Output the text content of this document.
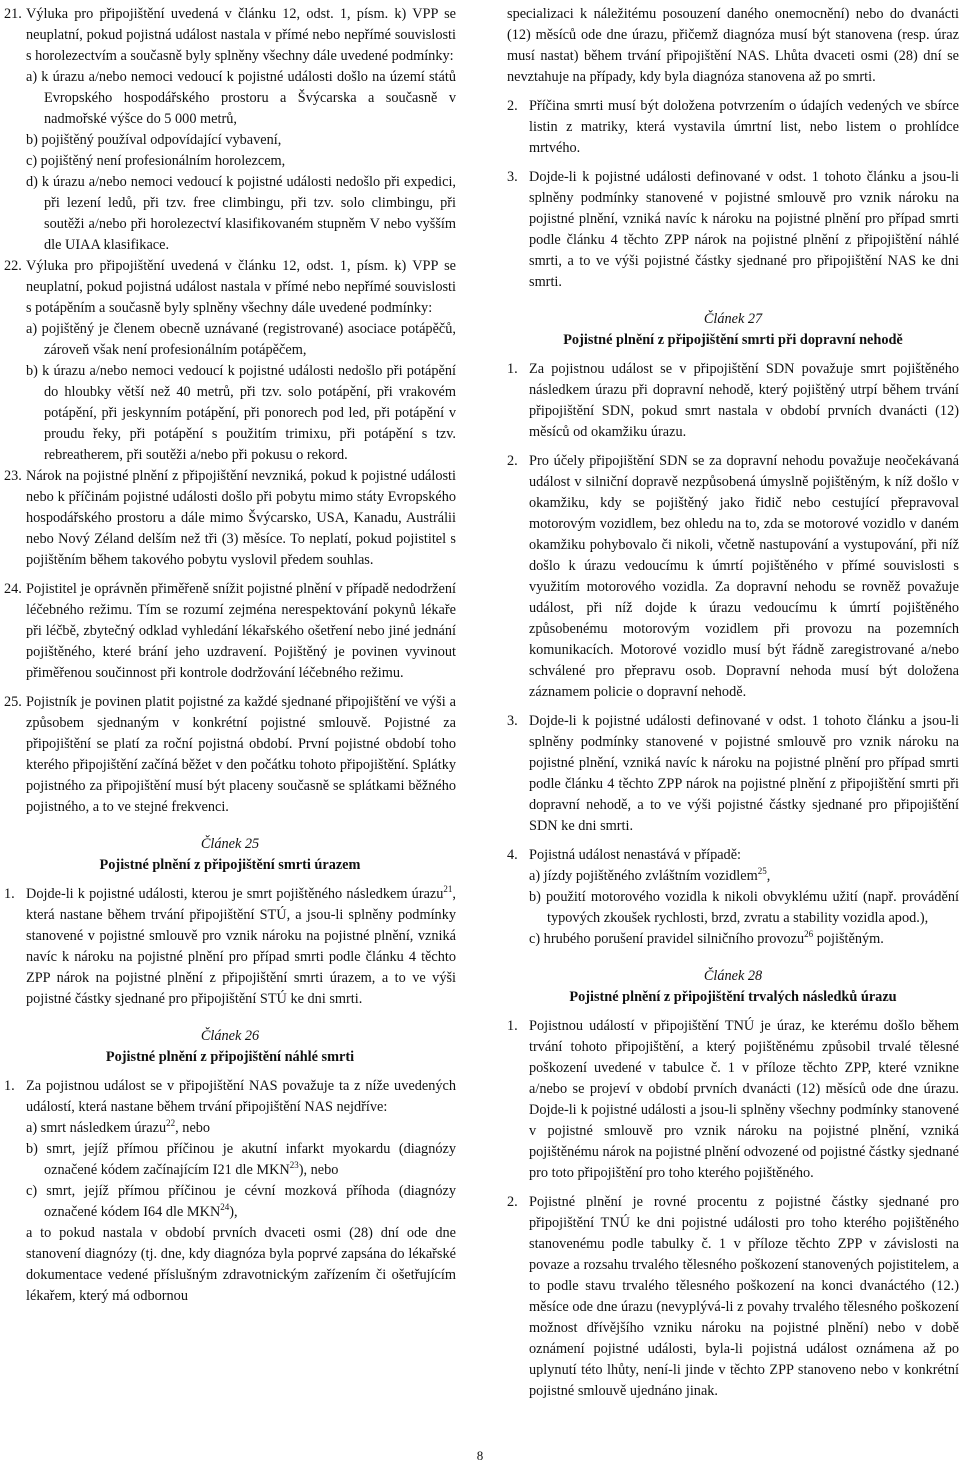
21. Výluka pro připojištění uvedená v článku 12, odst. 1, písm. k) VPP se neuplatní, pokud pojistná událost nastala v přímé nebo nepřímé souvislosti s horolezectvím a současně byly splněny všechny dále uvedené podmínky:

a) k úrazu a/nebo nemoci vedoucí k pojistné události došlo na území států Evropského hospodářského prostoru a Švýcarska a současně v nadmořské výšce do 5 000 metrů,

b) pojištěný používal odpovídající vybavení,

c) pojištěný není profesionálním horolezcem,

d) k úrazu a/nebo nemoci vedoucí k pojistné události nedošlo při expedici, při lezení ledů, při tzv. free climbingu, při tzv. solo climbingu, při soutěži a/nebo při horolezectví klasifikovaném stupněm V nebo vyšším dle UIAA klasifikace.

22. Výluka pro připojištění uvedená v článku 12, odst. 1, písm. k) VPP se neuplatní, pokud pojistná událost nastala v přímé nebo nepřímé souvislosti s potápěním a současně byly splněny všechny dále uvedené podmínky:

a) pojištěný je členem obecně uznávané (registrované) asociace potápěčů, zároveň však není profesionálním potápěčem,

b) k úrazu a/nebo nemoci vedoucí k pojistné události nedošlo při potápění do hloubky větší než 40 metrů, při tzv. solo potápění, při vrakovém potápění, při jeskynním potápění, při ponorech pod led, při potápění v proudu řeky, při potápění s použitím trimixu, při potápění s tzv. rebreatherem, při soutěži a/nebo při pokusu o rekord.

23. Nárok na pojistné plnění z připojištění nevzniká, pokud k pojistné události nebo k příčinám pojistné události došlo při pobytu mimo státy Evropského hospodářského prostoru a dále mimo Švýcarsko, USA, Kanadu, Austrálii nebo Nový Zéland delším než tři (3) měsíce. To neplatí, pokud pojistitel s pojištěním během takového pobytu vyslovil předem souhlas.

24. Pojistitel je oprávněn přiměřeně snížit pojistné plnění v případě nedodržení léčebného režimu. Tím se rozumí zejména nerespektování pokynů lékaře při léčbě, zbytečný odklad vyhledání lékařského ošetření nebo jiné jednání pojištěného, které brání jeho uzdravení. Pojištěný je povinen vyvinout přiměřenou součinnost při kontrole dodržování léčebného režimu.

25. Pojistník je povinen platit pojistné za každé sjednané připojištění ve výši a způsobem sjednaným v konkrétní pojistné smlouvě. Pojistné za připojištění se platí za roční pojistná období. První pojistné období toho kterého připojištění začíná běžet v den počátku tohoto připojištění. Splátky pojistného za připojištění musí být placeny současně se splátkami běžného pojistného, a to ve stejné frekvenci.

Článek 25

Pojistné plnění z připojištění smrti úrazem

1. Dojde-li k pojistné události, kterou je smrt pojištěného následkem úrazu$^{21}$, která nastane během trvání připojištění STÚ, a jsou-li splněny podmínky stanovené v pojistné smlouvě pro vznik nároku na pojistné plnění, vzniká navíc k nároku na pojistné plnění pro případ smrti podle článku 4 těchto ZPP nárok na pojistné plnění z připojištění smrti úrazem, a to ve výši pojistné částky sjednané pro připojištění STÚ ke dni smrti.

Článek 26

Pojistné plnění z připojištění náhlé smrti

1. Za pojistnou událost se v připojištění NAS považuje ta z níže uvedených událostí, která nastane během trvání připojištění NAS nejdříve:

a) smrt následkem úrazu$^{22}$, nebo

b) smrt, jejíž přímou příčinou je akutní infarkt myokardu (diagnózy označené kódem začínajícím I21 dle MKN$^{23}$), nebo

c) smrt, jejíž přímou příčinou je cévní mozková příhoda (diagnózy označené kódem I64 dle MKN$^{24}$),

a to pokud nastala v období prvních dvaceti osmi (28) dní ode dne stanovení diagnózy (tj. dne, kdy diagnóza byla poprvé zapsána do lékařské dokumentace vedené příslušným zdravotnickým zařízením či ošetřujícím lékařem, který má odbornou

specializaci k náležitému posouzení daného onemocnění) nebo do dvanácti (12) měsíců ode dne úrazu, přičemž diagnóza musí být stanovena (resp. úraz musí nastat) během trvání připojištění NAS. Lhůta dvaceti osmi (28) dní se nevztahuje na případy, kdy byla diagnóza stanovena až po smrti.

2. Příčina smrti musí být doložena potvrzením o údajích vedených ve sbírce listin z matriky, která vystavila úmrtní list, nebo listem o prohlídce mrtvého.

3. Dojde-li k pojistné události definované v odst. 1 tohoto článku a jsou-li splněny podmínky stanovené v pojistné smlouvě pro vznik nároku na pojistné plnění, vzniká navíc k nároku na pojistné plnění pro případ smrti podle článku 4 těchto ZPP nárok na pojistné plnění z připojištění náhlé smrti, a to ve výši pojistné částky sjednané pro připojištění NAS ke dni smrti.

Článek 27

Pojistné plnění z připojištění smrti při dopravní nehodě

1. Za pojistnou událost se v připojištění SDN považuje smrt pojištěného následkem úrazu při dopravní nehodě, který pojištěný utrpí během trvání připojištění SDN, pokud smrt nastala v období prvních dvanácti (12) měsíců od okamžiku úrazu.

2. Pro účely připojištění SDN se za dopravní nehodu považuje neočekávaná událost v silniční dopravě nezpůsobená úmyslně pojištěným, k níž došlo v okamžiku, kdy se pojištěný jako řidič nebo cestující přepravoval motorovým vozidlem, bez ohledu na to, zda se motorové vozidlo v daném okamžiku pohybovalo či nikoli, včetně nastupování a vystupování, při níž došlo k úrazu vedoucímu k úmrtí pojištěného v přímé souvislosti s využitím motorového vozidla. Za dopravní nehodu se rovněž považuje událost, při níž dojde k úrazu vedoucímu k úmrtí pojištěného způsobenému motorovým vozidlem při provozu na pozemních komunikacích. Motorové vozidlo musí být řádně zaregistrované a/nebo schválené pro přepravu osob. Dopravní nehoda musí být doložena záznamem policie o dopravní nehodě.

3. Dojde-li k pojistné události definované v odst. 1 tohoto článku a jsou-li splněny podmínky stanovené v pojistné smlouvě pro vznik nároku na pojistné plnění, vzniká navíc k nároku na pojistné plnění pro případ smrti podle článku 4 těchto ZPP nárok na pojistné plnění z připojištění smrti při dopravní nehodě, a to ve výši pojistné částky sjednané pro připojištění SDN ke dni smrti.

4. Pojistná událost nenastává v případě:

a) jízdy pojištěného zvláštním vozidlem$^{25}$,

b) použití motorového vozidla k nikoli obvyklému užití (např. provádění typových zkoušek rychlosti, brzd, zvratu a stability vozidla apod.),

c) hrubého porušení pravidel silničního provozu$^{26}$ pojištěným.

Článek 28

Pojistné plnění z připojištění trvalých následků úrazu

1. Pojistnou událostí v připojištění TNÚ je úraz, ke kterému došlo během trvání tohoto připojištění, a který pojištěnému způsobil trvalé tělesné poškození uvedené v tabulce č. 1 v příloze těchto ZPP, které vznikne a/nebo se projeví v období prvních dvanácti (12) měsíců ode dne úrazu. Dojde-li k pojistné události a jsou-li splněny všechny podmínky stanovené v pojistné smlouvě pro vznik nároku na pojistné plnění, vzniká pojištěnému nárok na pojistné plnění odvozené od pojistné částky sjednané pro toto připojištění pro toho kterého pojištěného.

2. Pojistné plnění je rovné procentu z pojistné částky sjednané pro připojištění TNÚ ke dni pojistné události pro toho kterého pojištěného stanovenému podle tabulky č. 1 v příloze těchto ZPP v závislosti na povaze a rozsahu trvalého tělesného poškození stanovených pojistitelem, a to podle stavu trvalého tělesného poškození na konci dvanáctého (12.) měsíce ode dne úrazu (nevyplývá-li z povahy trvalého tělesného poškození možnost dřívějšího vzniku nároku na pojistné plnění) nebo v době oznámení pojistné události, byla-li pojistná událost oznámena až po uplynutí této lhůty, není-li jinde v těchto ZPP stanoveno nebo v konkrétní pojistné smlouvě ujednáno jinak.

8
